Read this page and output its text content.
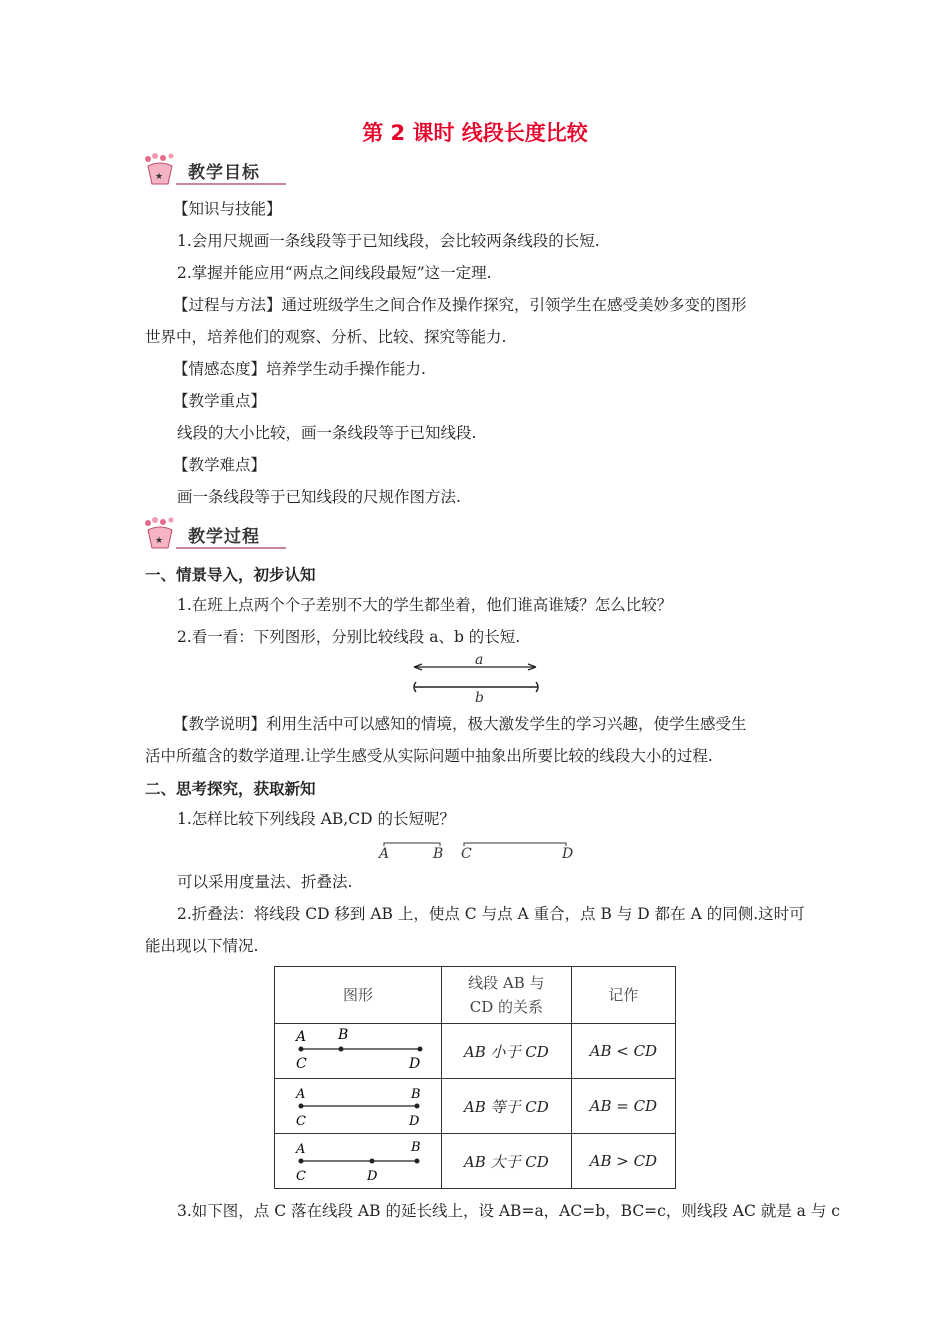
第 2 课时 线段长度比较
★ 教学目标
【知识与技能】
1.会用尺规画一条线段等于已知线段，会比较两条线段的长短.
2.掌握并能应用“两点之间线段最短”这一定理.
【过程与方法】通过班级学生之间合作及操作探究，引领学生在感受美妙多变的图形
世界中，培养他们的观察、分析、比较、探究等能力.
【情感态度】培养学生动手操作能力.
【教学重点】
线段的大小比较，画一条线段等于已知线段.
【教学难点】
画一条线段等于已知线段的尺规作图方法.
★ 教学过程
一、情景导入，初步认知
1.在班上点两个个子差别不大的学生都坐着，他们谁高谁矮？怎么比较？
2.看一看：下列图形，分别比较线段 a、b 的长短.
a
b
【教学说明】利用生活中可以感知的情境，极大激发学生的学习兴趣，使学生感受生
活中所蕴含的数学道理.让学生感受从实际问题中抽象出所要比较的线段大小的过程.
二、思考探究，获取新知
1.怎样比较下列线段 AB,CD 的长短呢？
A	B C	D
可以采用度量法、折叠法.
2.折叠法：将线段 CD 移到 AB 上，使点 C 与点 A 重合，点 B 与 D 都在 A 的同侧.这时可
能出现以下情况.
图形	线段 AB 与
CD 的关系	记作

A B
C D	AB 小于 CD	AB < CD

A B
C D	AB 等于 CD	AB = CD

A B
C D	AB 大于 CD	AB > CD
3.如下图，点 C 落在线段 AB 的延长线上，设 AB=a，AC=b，BC=c，则线段 AC 就是 a 与 c
